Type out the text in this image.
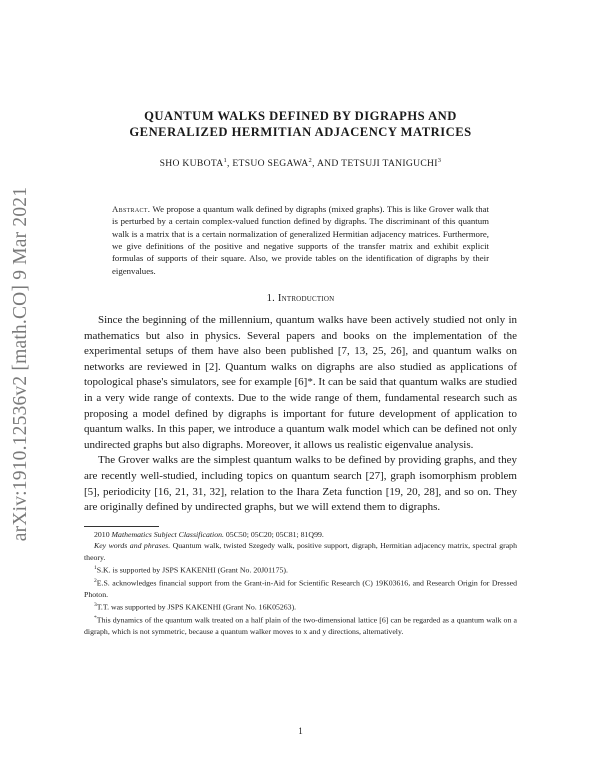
arXiv:1910.12536v2 [math.CO] 9 Mar 2021

QUANTUM WALKS DEFINED BY DIGRAPHS AND
GENERALIZED HERMITIAN ADJACENCY MATRICES

SHO KUBOTA$^1$, ETSUO SEGAWA$^2$, AND TETSUJI TANIGUCHI$^3$
Abstract. We propose a quantum walk defined by digraphs (mixed graphs). This is like Grover walk that is perturbed by a certain complex-valued function defined by digraphs. The discriminant of this quantum walk is a matrix that is a certain normalization of generalized Hermitian adjacency matrices. Furthermore, we give definitions of the positive and negative supports of the transfer matrix and exhibit explicit formulas of supports of their square. Also, we provide tables on the identification of digraphs by their eigenvalues.
1. Introduction

Since the beginning of the millennium, quantum walks have been actively studied not only in mathematics but also in physics. Several papers and books on the implementation of the experimental setups of them have also been published [7, 13, 25, 26], and quantum walks on networks are reviewed in [2]. Quantum walks on digraphs are also studied as applications of topological phase's simulators, see for example [6]*. It can be said that quantum walks are studied in a very wide range of contexts. Due to the wide range of them, fundamental research such as proposing a model defined by digraphs is important for future development of application to quantum walks. In this paper, we introduce a quantum walk model which can be defined not only undirected graphs but also digraphs. Moreover, it allows us realistic eigenvalue analysis.

The Grover walks are the simplest quantum walks to be defined by providing graphs, and they are recently well-studied, including topics on quantum search [27], graph isomorphism problem [5], periodicity [16, 21, 31, 32], relation to the Ihara Zeta function [19, 20, 28], and so on. They are originally defined by undirected graphs, but we will extend them to digraphs.

2010 Mathematics Subject Classification. 05C50; 05C20; 05C81; 81Q99.

Key words and phrases. Quantum walk, twisted Szegedy walk, positive support, digraph, Hermitian adjacency matrix, spectral graph theory.

$^1$S.K. is supported by JSPS KAKENHI (Grant No. 20J01175).

$^2$E.S. acknowledges financial support from the Grant-in-Aid for Scientific Research (C) 19K03616, and Research Origin for Dressed Photon.

$^3$T.T. was supported by JSPS KAKENHI (Grant No. 16K05263).

*This dynamics of the quantum walk treated on a half plain of the two-dimensional lattice [6] can be regarded as a quantum walk on a digraph, which is not symmetric, because a quantum walker moves to x and y directions, alternatively.

1
